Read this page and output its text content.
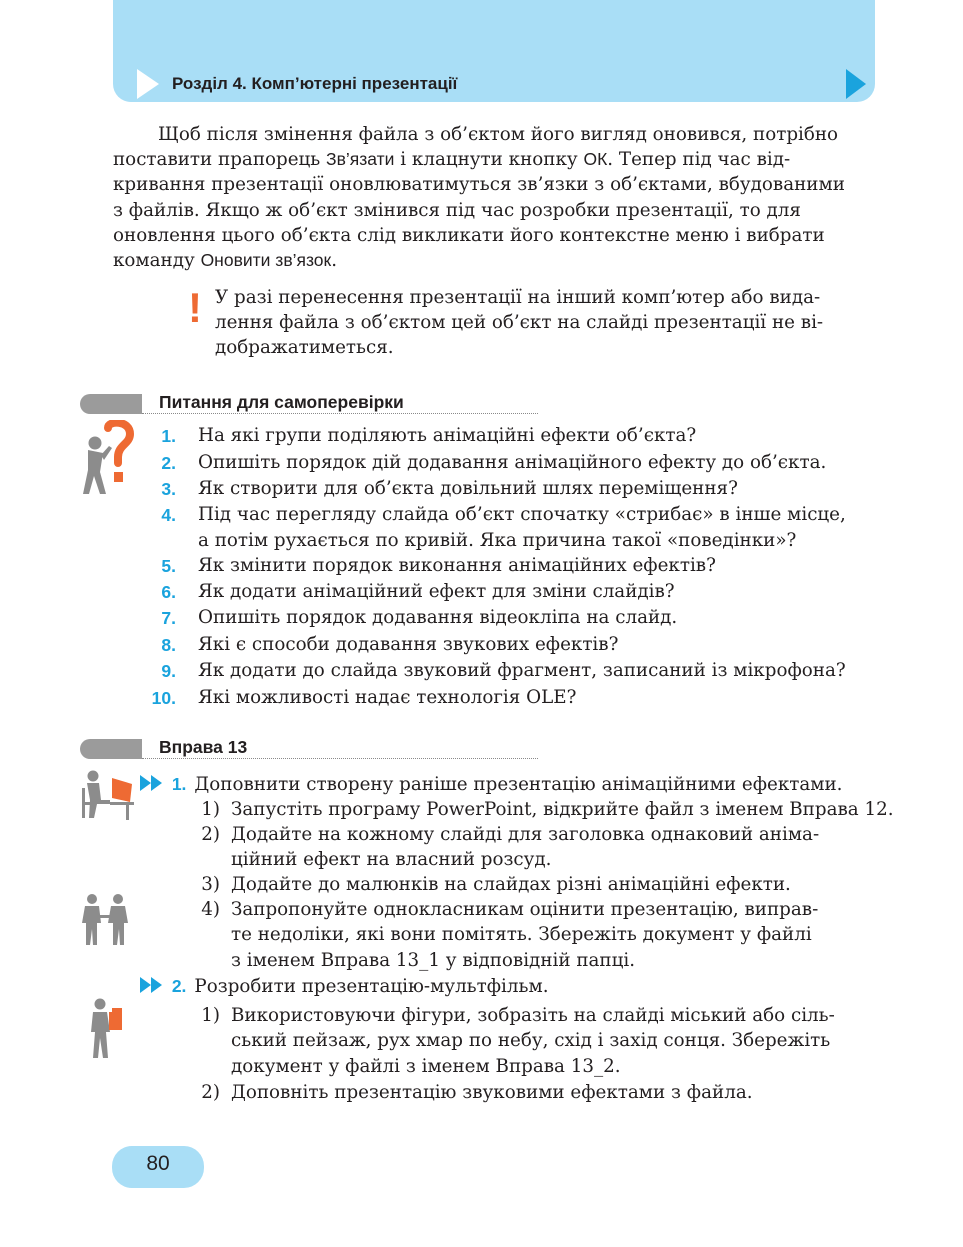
Розділ 4. Комп’ютерні презентації
Щоб після змінення файла з об’єктом його вигляд оновився, потрібно
поставити прапорець Зв’язати і клацнути кнопку ОК. Тепер під час від-
кривання презентації оновлюватимуться зв’язки з об’єктами, вбудованими
з файлів. Якщо ж об’єкт змінився під час розробки презентації, то для
оновлення цього об’єкта слід викликати його контекстне меню і вибрати
команду Оновити зв’язок.
! У разі перенесення презентації на інший комп’ютер або вида-
лення файла з об’єктом цей об’єкт на слайді презентації не ві-
дображатиметься.
Питання для самоперевірки
1. На які групи поділяють анімаційні ефекти об’єкта?
2. Опишіть порядок дій додавання анімаційного ефекту до об’єкта.
3. Як створити для об’єкта довільний шлях переміщення?
4. Під час перегляду слайда об’єкт спочатку «стрибає» в інше місце,
а потім рухається по кривій. Яка причина такої «поведінки»?
5. Як змінити порядок виконання анімаційних ефектів?
6. Як додати анімаційний ефект для зміни слайдів?
7. Опишіть порядок додавання відеокліпа на слайд.
8. Які є способи додавання звукових ефектів?
9. Як додати до слайда звуковий фрагмент, записаний із мікрофона?
10. Які можливості надає технологія OLE?
Вправа 13
1. Доповнити створену раніше презентацію анімаційними ефектами.
1) Запустіть програму PowerPoint, відкрийте файл з іменем Вправа 12.
2) Додайте на кожному слайді для заголовка однаковий аніма-
ційний ефект на власний розсуд.
3) Додайте до малюнків на слайдах різні анімаційні ефекти.
4) Запропонуйте однокласникам оцінити презентацію, виправ-
те недоліки, які вони помітять. Збережіть документ у файлі
з іменем Вправа 13_1 у відповідній папці.
2. Розробити презентацію-мультфільм.
1) Використовуючи фігури, зобразіть на слайді міський або сіль-
ський пейзаж, рух хмар по небу, схід і захід сонця. Збережіть
документ у файлі з іменем Вправа 13_2.
2) Доповніть презентацію звуковими ефектами з файла.
80
